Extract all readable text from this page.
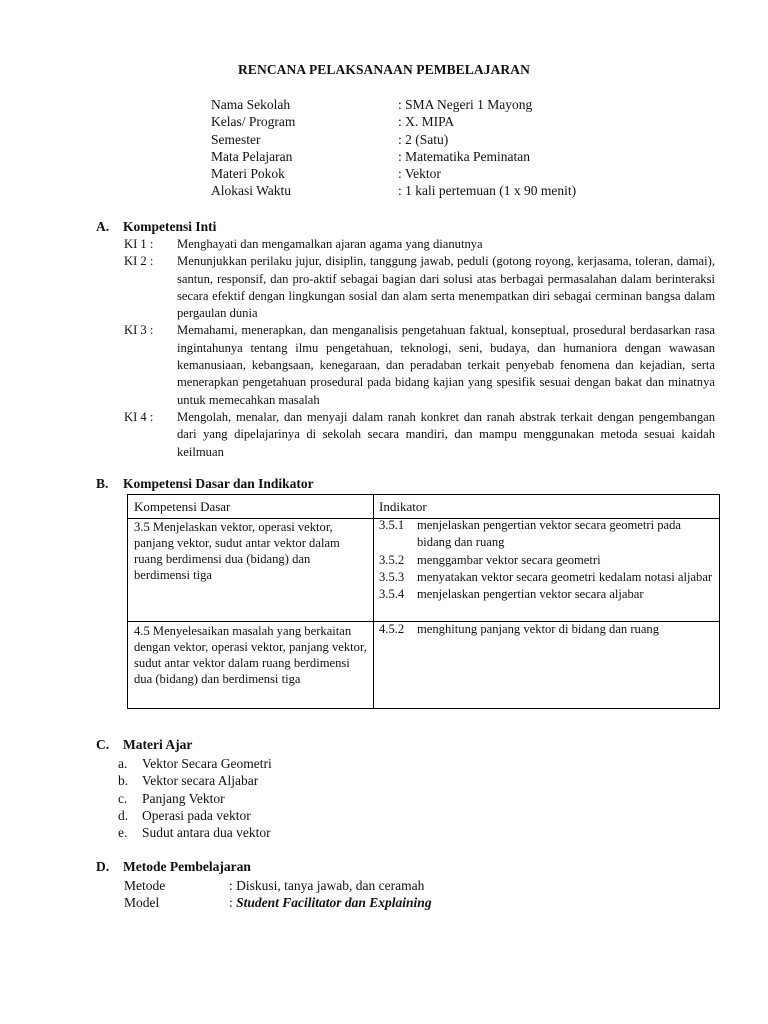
RENCANA PELAKSANAAN PEMBELAJARAN
Nama Sekolah	: SMA Negeri 1 Mayong
Kelas/ Program	: X. MIPA
Semester	: 2 (Satu)
Mata Pelajaran	: Matematika Peminatan
Materi Pokok	: Vektor
Alokasi Waktu	: 1 kali pertemuan (1 x 90 menit)
A. Kompetensi Inti
KI 1 : Menghayati dan mengamalkan ajaran agama yang dianutnya
KI 2 : Menunjukkan perilaku jujur, disiplin, tanggung jawab, peduli (gotong royong, kerjasama, toleran, damai), santun, responsif, dan pro-aktif sebagai bagian dari solusi atas berbagai permasalahan dalam berinteraksi secara efektif dengan lingkungan sosial dan alam serta menempatkan diri sebagai cerminan bangsa dalam pergaulan dunia
KI 3 : Memahami, menerapkan, dan menganalisis pengetahuan faktual, konseptual, prosedural berdasarkan rasa ingintahunya tentang ilmu pengetahuan, teknologi, seni, budaya, dan humaniora dengan wawasan kemanusiaan, kebangsaan, kenegaraan, dan peradaban terkait penyebab fenomena dan kejadian, serta menerapkan pengetahuan prosedural pada bidang kajian yang spesifik sesuai dengan bakat dan minatnya untuk memecahkan masalah
KI 4 : Mengolah, menalar, dan menyaji dalam ranah konkret dan ranah abstrak terkait dengan pengembangan dari yang dipelajarinya di sekolah secara mandiri, dan mampu menggunakan metoda sesuai kaidah keilmuan
B. Kompetensi Dasar dan Indikator
Kompetensi Dasar	Indikator
3.5 Menjelaskan vektor, operasi vektor, panjang vektor, sudut antar vektor dalam ruang berdimensi dua (bidang) dan berdimensi tiga
3.5.1 menjelaskan pengertian vektor secara geometri pada bidang dan ruang
3.5.2 menggambar vektor secara geometri
3.5.3 menyatakan vektor secara geometri kedalam notasi aljabar
3.5.4 menjelaskan pengertian vektor secara aljabar
4.5 Menyelesaikan masalah yang berkaitan dengan vektor, operasi vektor, panjang vektor, sudut antar vektor dalam ruang berdimensi dua (bidang) dan berdimensi tiga
4.5.2 menghitung panjang vektor di bidang dan ruang
C. Materi Ajar
a. Vektor Secara Geometri
b. Vektor secara Aljabar
c. Panjang Vektor
d. Operasi pada vektor
e. Sudut antara dua vektor
D. Metode Pembelajaran
Metode	: Diskusi, tanya jawab, dan ceramah
Model	: Student Facilitator dan Explaining
